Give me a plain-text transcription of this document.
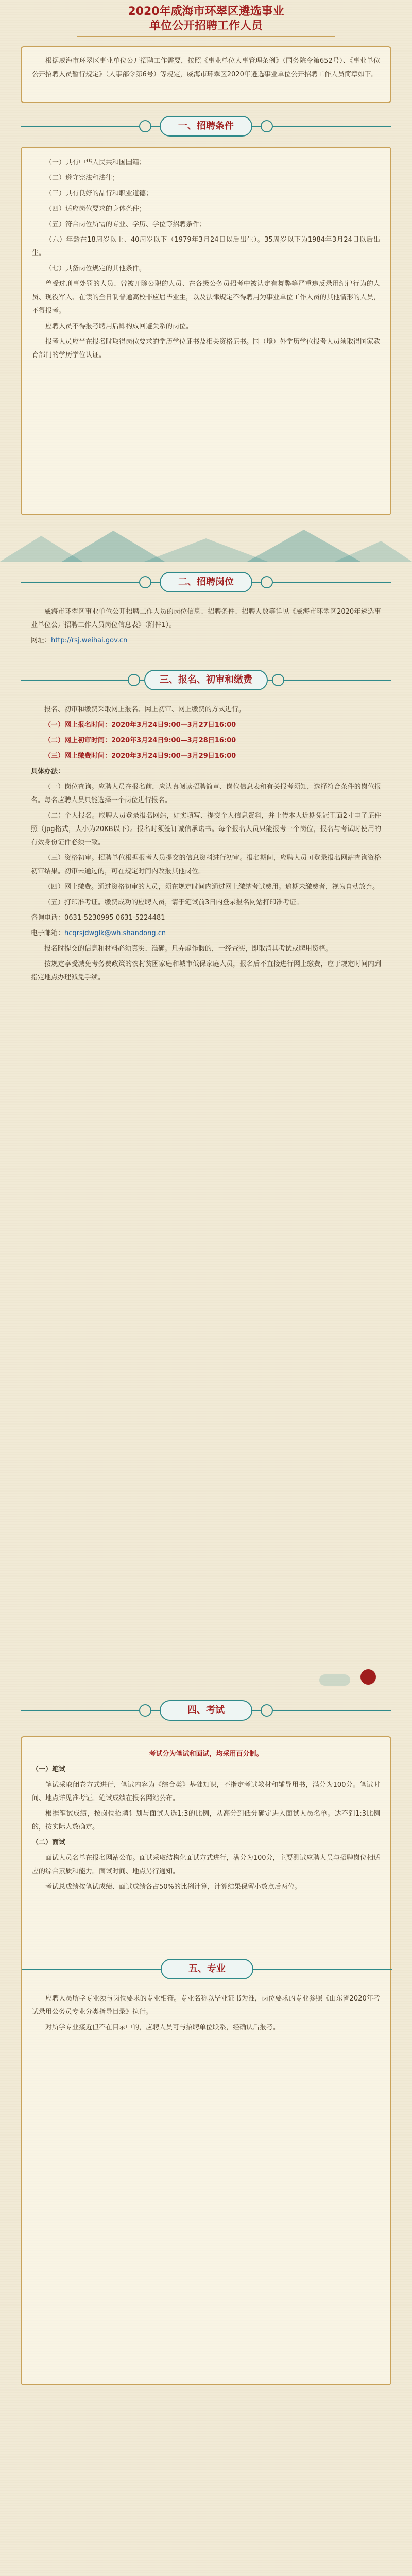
2020年威海市环翠区遴选事业
单位公开招聘工作人员

根据威海市环翠区事业单位公开招聘工作需要，按照《事业单位人事管理条例》（国务院令第652号）、《事业单位公开招聘人员暂行规定》（人事部令第6号）等规定，威海市环翠区2020年遴选事业单位公开招聘工作人员简章如下。

一、招聘条件

（一）具有中华人民共和国国籍；

（二）遵守宪法和法律；

（三）具有良好的品行和职业道德；

（四）适应岗位要求的身体条件；

（五）符合岗位所需的专业、学历、学位等招聘条件；

（六）年龄在18周岁以上、40周岁以下（1979年3月24日以后出生）。35周岁以下为1984年3月24日以后出生。

（七）具备岗位规定的其他条件。

曾受过刑事处罚的人员、曾被开除公职的人员、在各级公务员招考中被认定有舞弊等严重违反录用纪律行为的人员、现役军人、在读的全日制普通高校非应届毕业生，以及法律规定不得聘用为事业单位工作人员的其他情形的人员，不得报考。

应聘人员不得报考聘用后即构成回避关系的岗位。

报考人员应当在报名时取得岗位要求的学历学位证书及相关资格证书。国（境）外学历学位报考人员须取得国家教育部门的学历学位认证。

二、招聘岗位

威海市环翠区事业单位公开招聘工作人员的岗位信息、招聘条件、招聘人数等详见《威海市环翠区2020年遴选事业单位公开招聘工作人员岗位信息表》（附件1）。

网址：http://rsj.weihai.gov.cn

三、报名、初审和缴费

报名、初审和缴费采取网上报名、网上初审、网上缴费的方式进行。

（一）网上报名时间：2020年3月24日9:00—3月27日16:00

（二）网上初审时间：2020年3月24日9:00—3月28日16:00

（三）网上缴费时间：2020年3月24日9:00—3月29日16:00

具体办法：

（一）岗位查询。应聘人员在报名前，应认真阅读招聘简章、岗位信息表和有关报考须知，选择符合条件的岗位报名。每名应聘人员只能选择一个岗位进行报名。

（二）个人报名。应聘人员登录报名网站，如实填写、提交个人信息资料，并上传本人近期免冠正面2寸电子证件照（jpg格式，大小为20KB以下）。报名时须签订诚信承诺书。每个报名人员只能报考一个岗位，报名与考试时使用的有效身份证件必须一致。

（三）资格初审。招聘单位根据报考人员提交的信息资料进行初审。报名期间，应聘人员可登录报名网站查询资格初审结果。初审未通过的，可在规定时间内改报其他岗位。

（四）网上缴费。通过资格初审的人员，须在规定时间内通过网上缴纳考试费用。逾期未缴费者，视为自动放弃。

（五）打印准考证。缴费成功的应聘人员，请于笔试前3日内登录报名网站打印准考证。

咨询电话：0631-5230995 0631-5224481

电子邮箱：hcqrsjdwglk@wh.shandong.cn

报名时提交的信息和材料必须真实、准确。凡弄虚作假的，一经查实，即取消其考试或聘用资格。

按规定享受减免考务费政策的农村贫困家庭和城市低保家庭人员，报名后不直接进行网上缴费，应于规定时间内到指定地点办理减免手续。

四、考试

考试分为笔试和面试，均采用百分制。

（一）笔试

笔试采取闭卷方式进行，笔试内容为《综合类》基础知识，不指定考试教材和辅导用书，满分为100分。笔试时间、地点详见准考证。笔试成绩在报名网站公布。

根据笔试成绩，按岗位招聘计划与面试人选1:3的比例，从高分到低分确定进入面试人员名单。达不到1:3比例的，按实际人数确定。

（二）面试

面试人员名单在报名网站公布。面试采取结构化面试方式进行，满分为100分，主要测试应聘人员与招聘岗位相适应的综合素质和能力。面试时间、地点另行通知。

考试总成绩按笔试成绩、面试成绩各占50%的比例计算，计算结果保留小数点后两位。

五、专业

应聘人员所学专业须与岗位要求的专业相符。专业名称以毕业证书为准，岗位要求的专业参照《山东省2020年考试录用公务员专业分类指导目录》执行。

对所学专业接近但不在目录中的，应聘人员可与招聘单位联系，经确认后报考。
